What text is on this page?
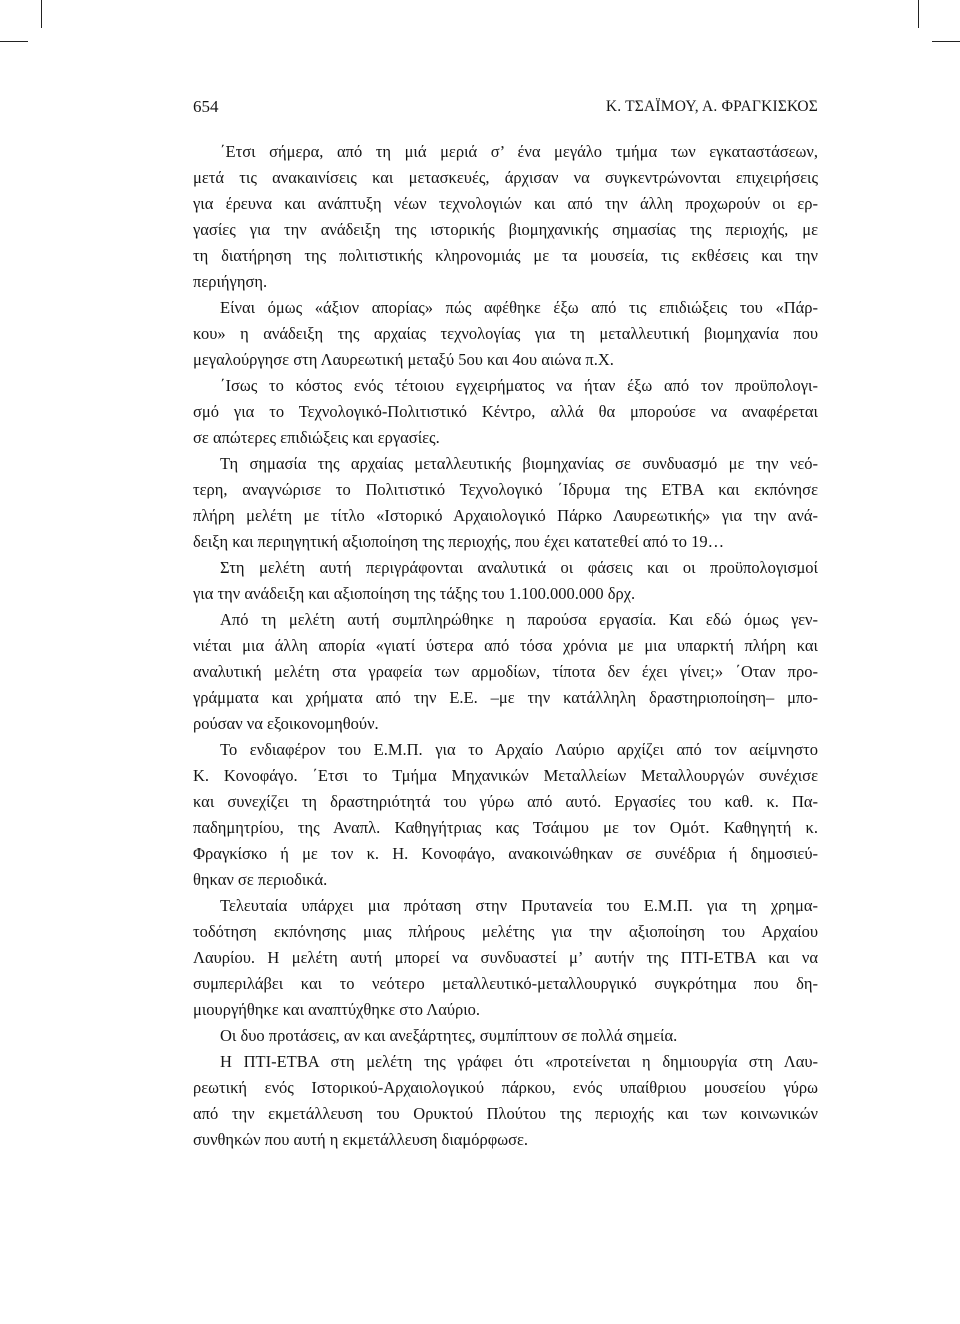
654	Κ. ΤΣΑΪΜΟΥ, Α. ΦΡΑΓΚΙΣΚΟΣ
΄Ετσι σήμερα, από τη μιά μεριά σ’ ένα μεγάλο τμήμα των εγκαταστάσεων,
μετά τις ανακαινίσεις και μετασκευές, άρχισαν να συγκεντρώνονται επιχειρήσεις
για έρευνα και ανάπτυξη νέων τεχνολογιών και από την άλλη προχωρούν οι ερ-
γασίες για την ανάδειξη της ιστορικής βιομηχανικής σημασίας της περιοχής, με
τη διατήρηση της πολιτιστικής κληρονομιάς με τα μουσεία, τις εκθέσεις και την
περιήγηση.
Είναι όμως «άξιον απορίας» πώς αφέθηκε έξω από τις επιδιώξεις του «Πάρ-
κου» η ανάδειξη της αρχαίας τεχνολογίας για τη μεταλλευτική βιομηχανία που
μεγαλούργησε στη Λαυρεωτική μεταξύ 5ου και 4ου αιώνα π.Χ.
΄Ισως το κόστος ενός τέτοιου εγχειρήματος να ήταν έξω από τον προϋπολογι-
σμό για το Τεχνολογικό-Πολιτιστικό Κέντρο, αλλά θα μπορούσε να αναφέρεται
σε απώτερες επιδιώξεις και εργασίες.
Τη σημασία της αρχαίας μεταλλευτικής βιομηχανίας σε συνδυασμό με την νεό-
τερη, αναγνώρισε το Πολιτιστικό Τεχνολογικό ΄Ιδρυμα της ΕΤΒΑ και εκπόνησε
πλήρη μελέτη με τίτλο «Ιστορικό Αρχαιολογικό Πάρκο Λαυρεωτικής» για την ανά-
δειξη και περιηγητική αξιοποίηση της περιοχής, που έχει κατατεθεί από το 19…
Στη μελέτη αυτή περιγράφονται αναλυτικά οι φάσεις και οι προϋπολογισμοί
για την ανάδειξη και αξιοποίηση της τάξης του 1.100.000.000 δρχ.
Από τη μελέτη αυτή συμπληρώθηκε η παρούσα εργασία. Και εδώ όμως γεν-
νιέται μια άλλη απορία «γιατί ύστερα από τόσα χρόνια με μια υπαρκτή πλήρη και
αναλυτική μελέτη στα γραφεία των αρμοδίων, τίποτα δεν έχει γίνει;» ΄Οταν προ-
γράμματα και χρήματα από την Ε.Ε. –με την κατάλληλη δραστηριοποίηση– μπο-
ρούσαν να εξοικονομηθούν.
Το ενδιαφέρον του Ε.Μ.Π. για το Αρχαίο Λαύριο αρχίζει από τον αείμνηστο
Κ. Κονοφάγο. ΄Ετσι το Τμήμα Μηχανικών Μεταλλείων Μεταλλουργών συνέχισε
και συνεχίζει τη δραστηριότητά του γύρω από αυτό. Εργασίες του καθ. κ. Πα-
παδημητρίου, της Αναπλ. Καθηγήτριας κας Τσάιμου με τον Ομότ. Καθηγητή κ.
Φραγκίσκο ή με τον κ. Η. Κονοφάγο, ανακοινώθηκαν σε συνέδρια ή δημοσιεύ-
θηκαν σε περιοδικά.
Τελευταία υπάρχει μια πρόταση στην Πρυτανεία του Ε.Μ.Π. για τη χρημα-
τοδότηση εκπόνησης μιας πλήρους μελέτης για την αξιοποίηση του Αρχαίου
Λαυρίου. Η μελέτη αυτή μπορεί να συνδυαστεί μ’ αυτήν της ΠΤΙ-ΕΤΒΑ και να
συμπεριλάβει και το νεότερο μεταλλευτικό-μεταλλουργικό συγκρότημα που δη-
μιουργήθηκε και αναπτύχθηκε στο Λαύριο.
Οι δυο προτάσεις, αν και ανεξάρτητες, συμπίπτουν σε πολλά σημεία.
Η ΠΤΙ-ΕΤΒΑ στη μελέτη της γράφει ότι «προτείνεται η δημιουργία στη Λαυ-
ρεωτική ενός Ιστορικού-Αρχαιολογικού πάρκου, ενός υπαίθριου μουσείου γύρω
από την εκμετάλλευση του Ορυκτού Πλούτου της περιοχής και των κοινωνικών
συνθηκών που αυτή η εκμετάλλευση διαμόρφωσε.
